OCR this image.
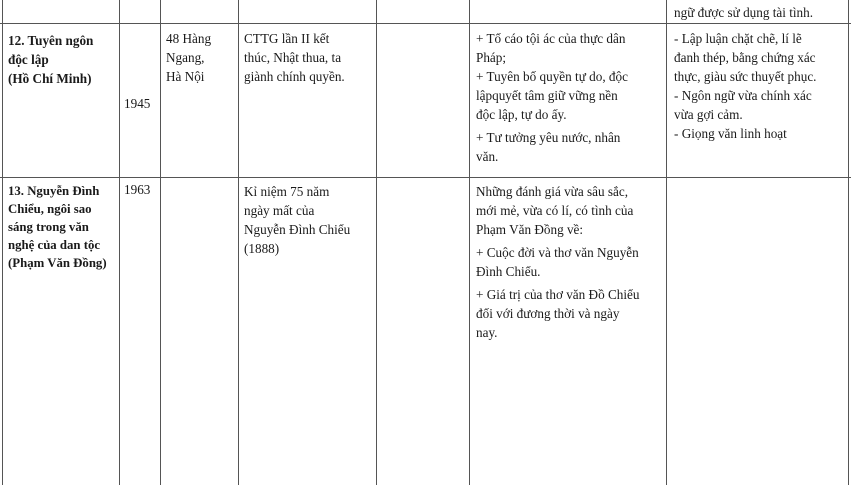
ngữ được sử dụng tài tình.
12. Tuyên ngôn
độc lập
(Hồ Chí Minh)
1945
48 Hàng
Ngang,
Hà Nội
CTTG lần II kết
thúc, Nhật thua, ta
giành chính quyền.
+ Tố cáo tội ác của thực dân
Pháp;
+ Tuyên bố quyền tự do, độc
lậpquyết tâm giữ vững nền
độc lập, tự do ấy.
+ Tư tưởng yêu nước, nhân
văn.
- Lập luận chặt chẽ, lí lẽ
đanh thép, bằng chứng xác
thực, giàu sức thuyết phục.
- Ngôn ngữ vừa chính xác
vừa gợi cảm.
- Giọng văn linh hoạt
13. Nguyễn Đình
Chiểu, ngôi sao
sáng trong văn
nghệ của dan tộc
(Phạm Văn Đồng)
1963	Kỉ niệm 75 năm
ngày mất của
Nguyễn Đình Chiểu
(1888)
Những đánh giá vừa sâu sắc,
mới mẻ, vừa có lí, có tình của
Phạm Văn Đồng về:
+ Cuộc đời và thơ văn Nguyễn
Đình Chiểu.
+ Giá trị của thơ văn Đồ Chiểu
đối với đương thời và ngày
nay.
